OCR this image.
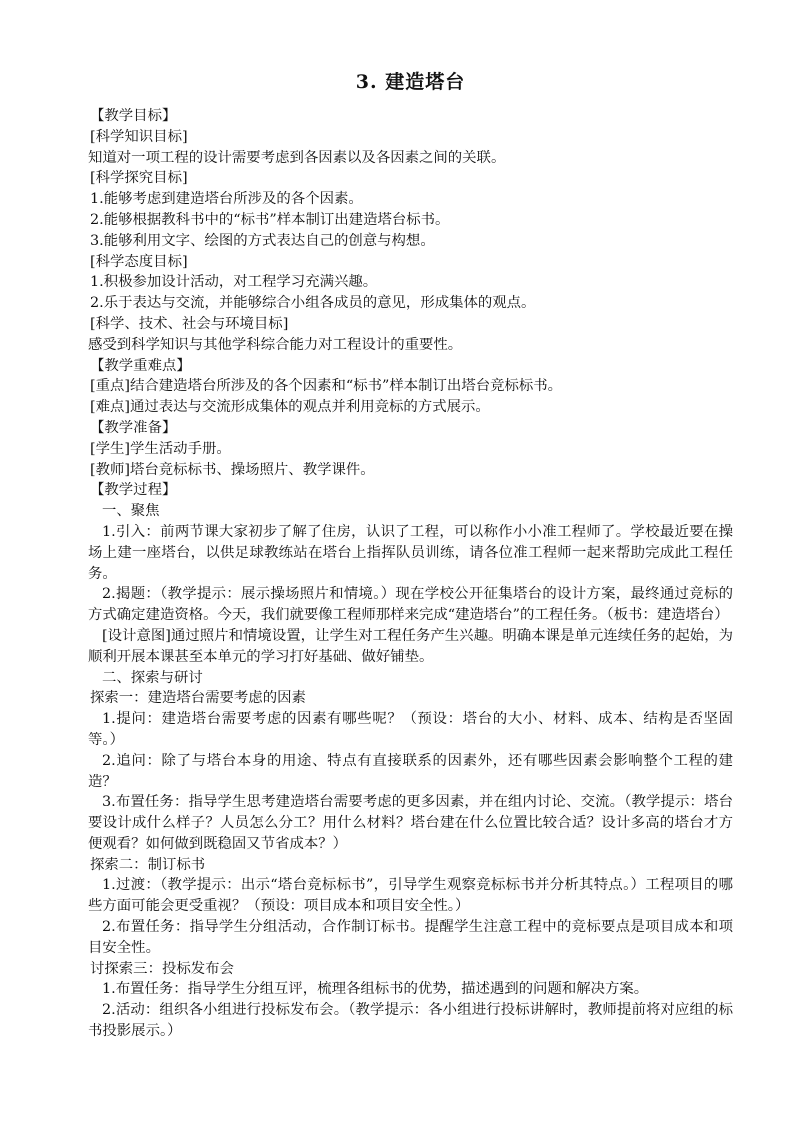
3. 建造塔台

【教学目标】

[科学知识目标]

知道对一项工程的设计需要考虑到各因素以及各因素之间的关联。

[科学探究目标]

1.能够考虑到建造塔台所涉及的各个因素。

2.能够根据教科书中的“标书”样本制订出建造塔台标书。

3.能够利用文字、绘图的方式表达自己的创意与构想。

[科学态度目标]

1.积极参加设计活动，对工程学习充满兴趣。

2.乐于表达与交流，并能够综合小组各成员的意见，形成集体的观点。

[科学、技术、社会与环境目标]

感受到科学知识与其他学科综合能力对工程设计的重要性。

【教学重难点】

[重点]结合建造塔台所涉及的各个因素和“标书”样本制订出塔台竞标标书。

[难点]通过表达与交流形成集体的观点并利用竞标的方式展示。

【教学准备】

[学生]学生活动手册。

[教师]塔台竞标标书、操场照片、教学课件。

【教学过程】

一、聚焦

1.引入：前两节课大家初步了解了住房，认识了工程，可以称作小小准工程师了。学校最近要在操场上建一座塔台，以供足球教练站在塔台上指挥队员训练，请各位准工程师一起来帮助完成此工程任务。

2.揭题：（教学提示：展示操场照片和情境。）现在学校公开征集塔台的设计方案，最终通过竞标的方式确定建造资格。今天，我们就要像工程师那样来完成“建造塔台”的工程任务。（板书：建造塔台）

[设计意图]通过照片和情境设置，让学生对工程任务产生兴趣。明确本课是单元连续任务的起始，为顺利开展本课甚至本单元的学习打好基础、做好铺垫。

二、探索与研讨

探索一：建造塔台需要考虑的因素

1.提问：建造塔台需要考虑的因素有哪些呢？（预设：塔台的大小、材料、成本、结构是否坚固等。）

2.追问：除了与塔台本身的用途、特点有直接联系的因素外，还有哪些因素会影响整个工程的建造？

3.布置任务：指导学生思考建造塔台需要考虑的更多因素，并在组内讨论、交流。（教学提示：塔台要设计成什么样子？人员怎么分工？用什么材料？塔台建在什么位置比较合适？设计多高的塔台才方便观看？如何做到既稳固又节省成本？）

探索二：制订标书

1.过渡：（教学提示：出示“塔台竞标标书”，引导学生观察竞标标书并分析其特点。）工程项目的哪些方面可能会更受重视？（预设：项目成本和项目安全性。）

2.布置任务：指导学生分组活动，合作制订标书。提醒学生注意工程中的竞标要点是项目成本和项目安全性。

讨探索三：投标发布会

1.布置任务：指导学生分组互评，梳理各组标书的优势，描述遇到的问题和解决方案。

2.活动：组织各小组进行投标发布会。（教学提示：各小组进行投标讲解时，教师提前将对应组的标书投影展示。）
